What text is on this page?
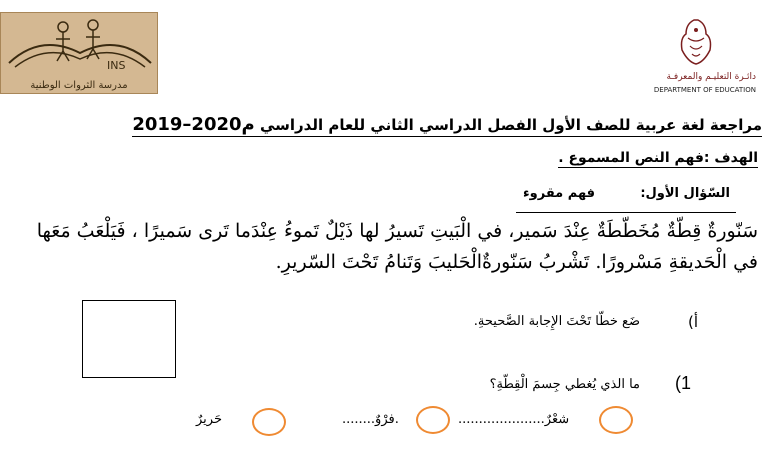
INS
مدرسة الثروات الوطنية
دائـرة التعليـم والمعرفـة
DEPARTMENT OF EDUCATION
مراجعة لغة عربية للصف الأول الفصل الدراسي الثاني للعام الدراسي 2019–2020م
الهدف :فهم النص المسموع .
السّؤال الأول:          فهم مقروء
سَنّورةٌ قِطّةٌ مُخَطّطَةٌ عِنْدَ سَمير، في الْبَيتِ تَسيرُ لها ذَيْلٌ تَموءُ عِنْدَما تَرى سَميرًا ، فَيَلْعَبُ مَعَها في الْحَديقةِ مَسْرورًا. تَشْربُ سَنّورةٌالْحَليبَ وَتَنامُ تَحْتَ السّريرِ.
أ)
ضَع خطّا تَحْتَ الإِجابة الصَّحيحةِ.
1)
ما الذي يُغطي جِسمَ الْقِطّةِ؟
شعْرٌ.....................
.فرْوٌ........
حَريرٌ
